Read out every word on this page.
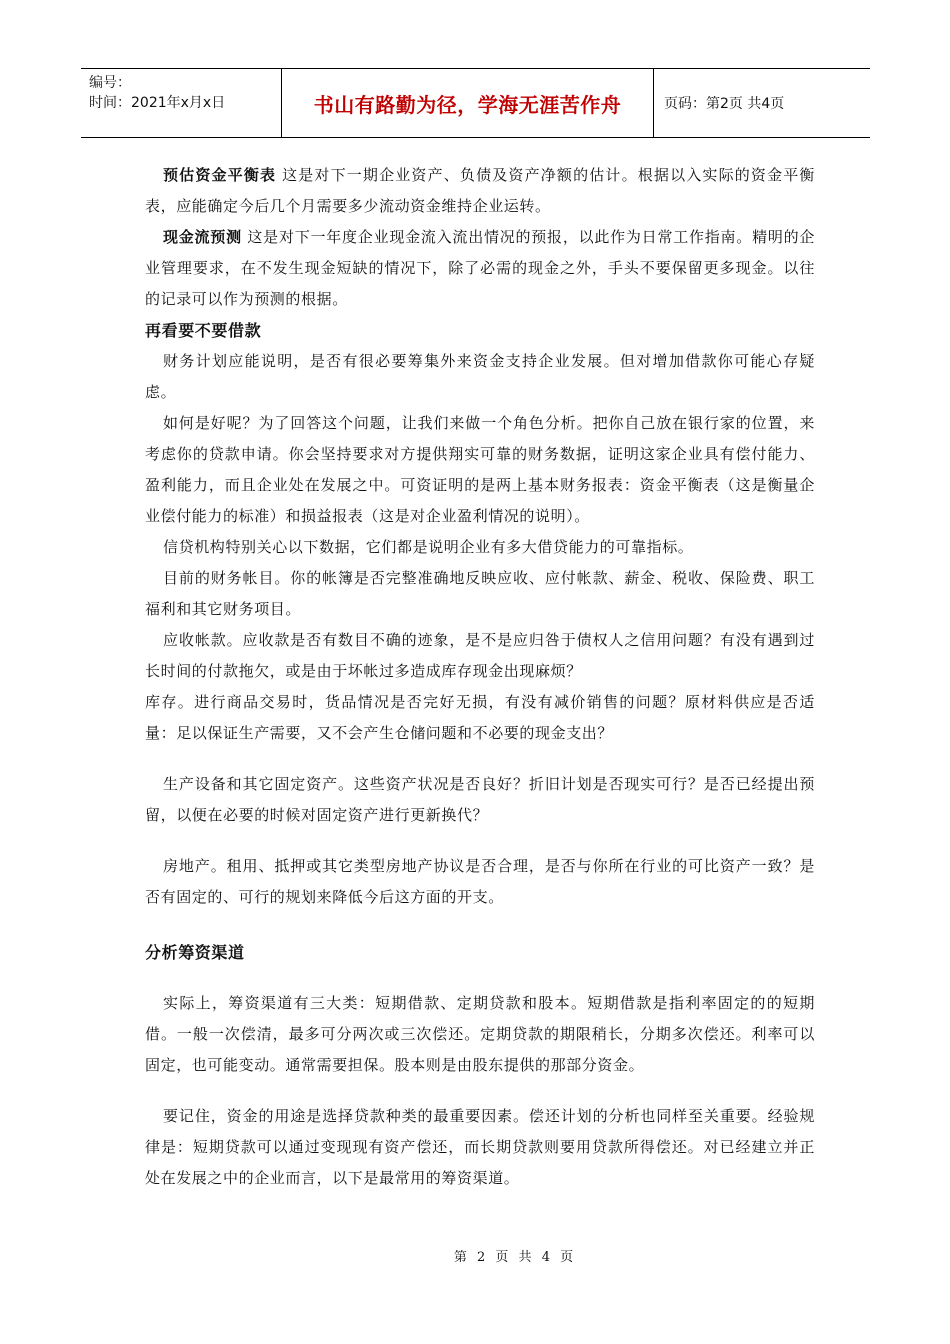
编号：
时间：2021年x月x日	书山有路勤为径，学海无涯苦作舟	页码：第2页 共4页

预估资金平衡表 这是对下一期企业资产、负债及资产净额的估计。根据以入实际的资金平衡表，应能确定今后几个月需要多少流动资金维持企业运转。

现金流预测 这是对下一年度企业现金流入流出情况的预报，以此作为日常工作指南。精明的企业管理要求，在不发生现金短缺的情况下，除了必需的现金之外，手头不要保留更多现金。以往的记录可以作为预测的根据。

再看要不要借款

财务计划应能说明，是否有很必要筹集外来资金支持企业发展。但对增加借款你可能心存疑虑。

如何是好呢？为了回答这个问题，让我们来做一个角色分析。把你自己放在银行家的位置，来考虑你的贷款申请。你会坚持要求对方提供翔实可靠的财务数据，证明这家企业具有偿付能力、盈利能力，而且企业处在发展之中。可资证明的是两上基本财务报表：资金平衡表（这是衡量企业偿付能力的标准）和损益报表（这是对企业盈利情况的说明）。

信贷机构特别关心以下数据，它们都是说明企业有多大借贷能力的可靠指标。

目前的财务帐目。你的帐簿是否完整准确地反映应收、应付帐款、薪金、税收、保险费、职工福利和其它财务项目。

应收帐款。应收款是否有数目不确的迹象，是不是应归咎于债权人之信用问题？有没有遇到过长时间的付款拖欠，或是由于坏帐过多造成库存现金出现麻烦？

库存。进行商品交易时，货品情况是否完好无损，有没有减价销售的问题？原材料供应是否适量：足以保证生产需要，又不会产生仓储问题和不必要的现金支出？

生产设备和其它固定资产。这些资产状况是否良好？折旧计划是否现实可行？是否已经提出预留，以便在必要的时候对固定资产进行更新换代？

房地产。租用、抵押或其它类型房地产协议是否合理，是否与你所在行业的可比资产一致？是否有固定的、可行的规划来降低今后这方面的开支。

分析筹资渠道

实际上，筹资渠道有三大类：短期借款、定期贷款和股本。短期借款是指利率固定的的短期借。一般一次偿清，最多可分两次或三次偿还。定期贷款的期限稍长，分期多次偿还。利率可以固定，也可能变动。通常需要担保。股本则是由股东提供的那部分资金。

要记住，资金的用途是选择贷款种类的最重要因素。偿还计划的分析也同样至关重要。经验规律是：短期贷款可以通过变现现有资产偿还，而长期贷款则要用贷款所得偿还。对已经建立并正处在发展之中的企业而言，以下是最常用的筹资渠道。

第 2 页 共 4 页
